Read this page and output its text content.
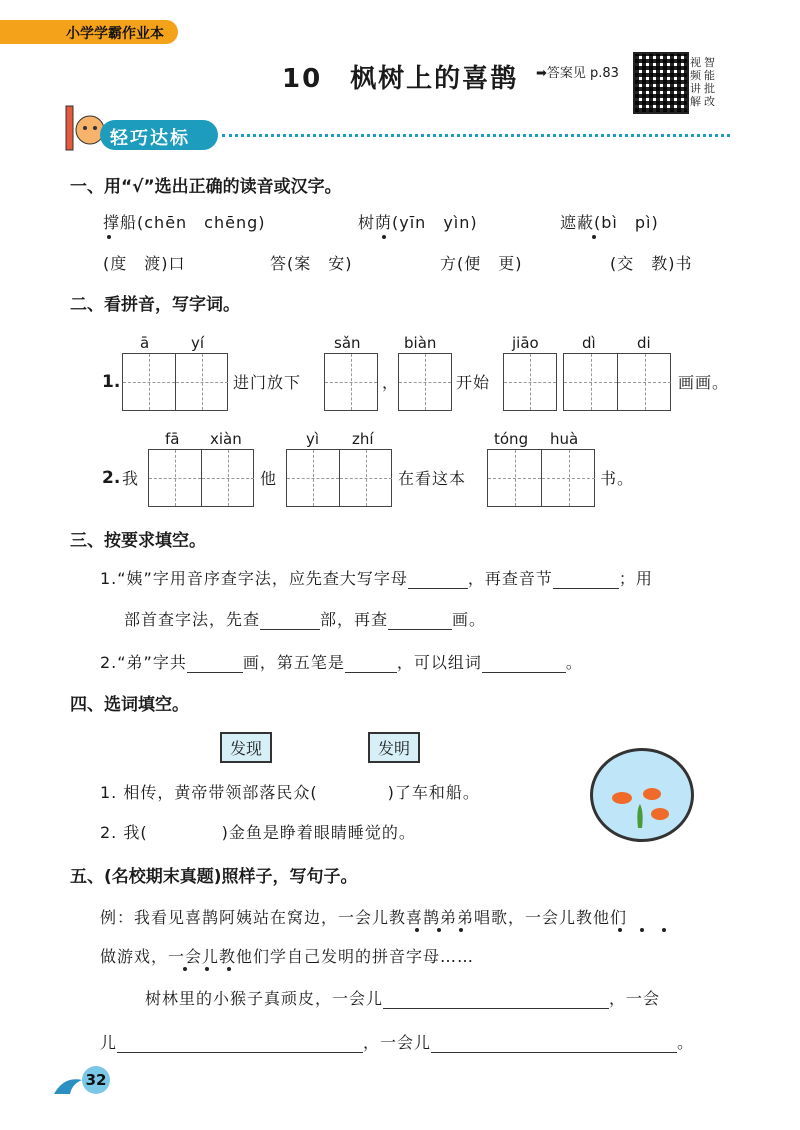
小学学霸作业本
10　枫树上的喜鹊 ➡答案见 p.83
视
频
讲
解
智
能
批
改
轻巧达标
一、用“√”选出正确的读音或汉字。
撑船(chēn　chēng)	树荫(yīn　yìn)	遮蔽(bì　pì)
(度　渡)口	答(案　安)	方(便　更)	(交　教)书
二、看拼音，写字词。
ā	yí	sǎn	biàn	jiāo	dì	di
1.	进门放下	，	开始	画画。
fā xiàn	yì zhí	tóng huà
2. 我	他	在看这本	书。
三、按要求填空。
1.“姨”字用音序查字法，应先查大写字母	，再查音节	；用
部首查字法，先查	部，再查	画。
2.“弟”字共	画，第五笔是	，可以组词	。
四、选词填空。
发现	发明
1. 相传，黄帝带领部落民众(	)了车和船。
2. 我(	)金鱼是睁着眼睛睡觉的。
五、(名校期末真题)照样子，写句子。
例：我看见喜鹊阿姨站在窝边，一会儿教喜鹊弟弟唱歌，一会儿教他们
做游戏，一会儿教他们学自己发明的拼音字母……
树林里的小猴子真顽皮，一会儿	，一会
儿	，一会儿	。
32
